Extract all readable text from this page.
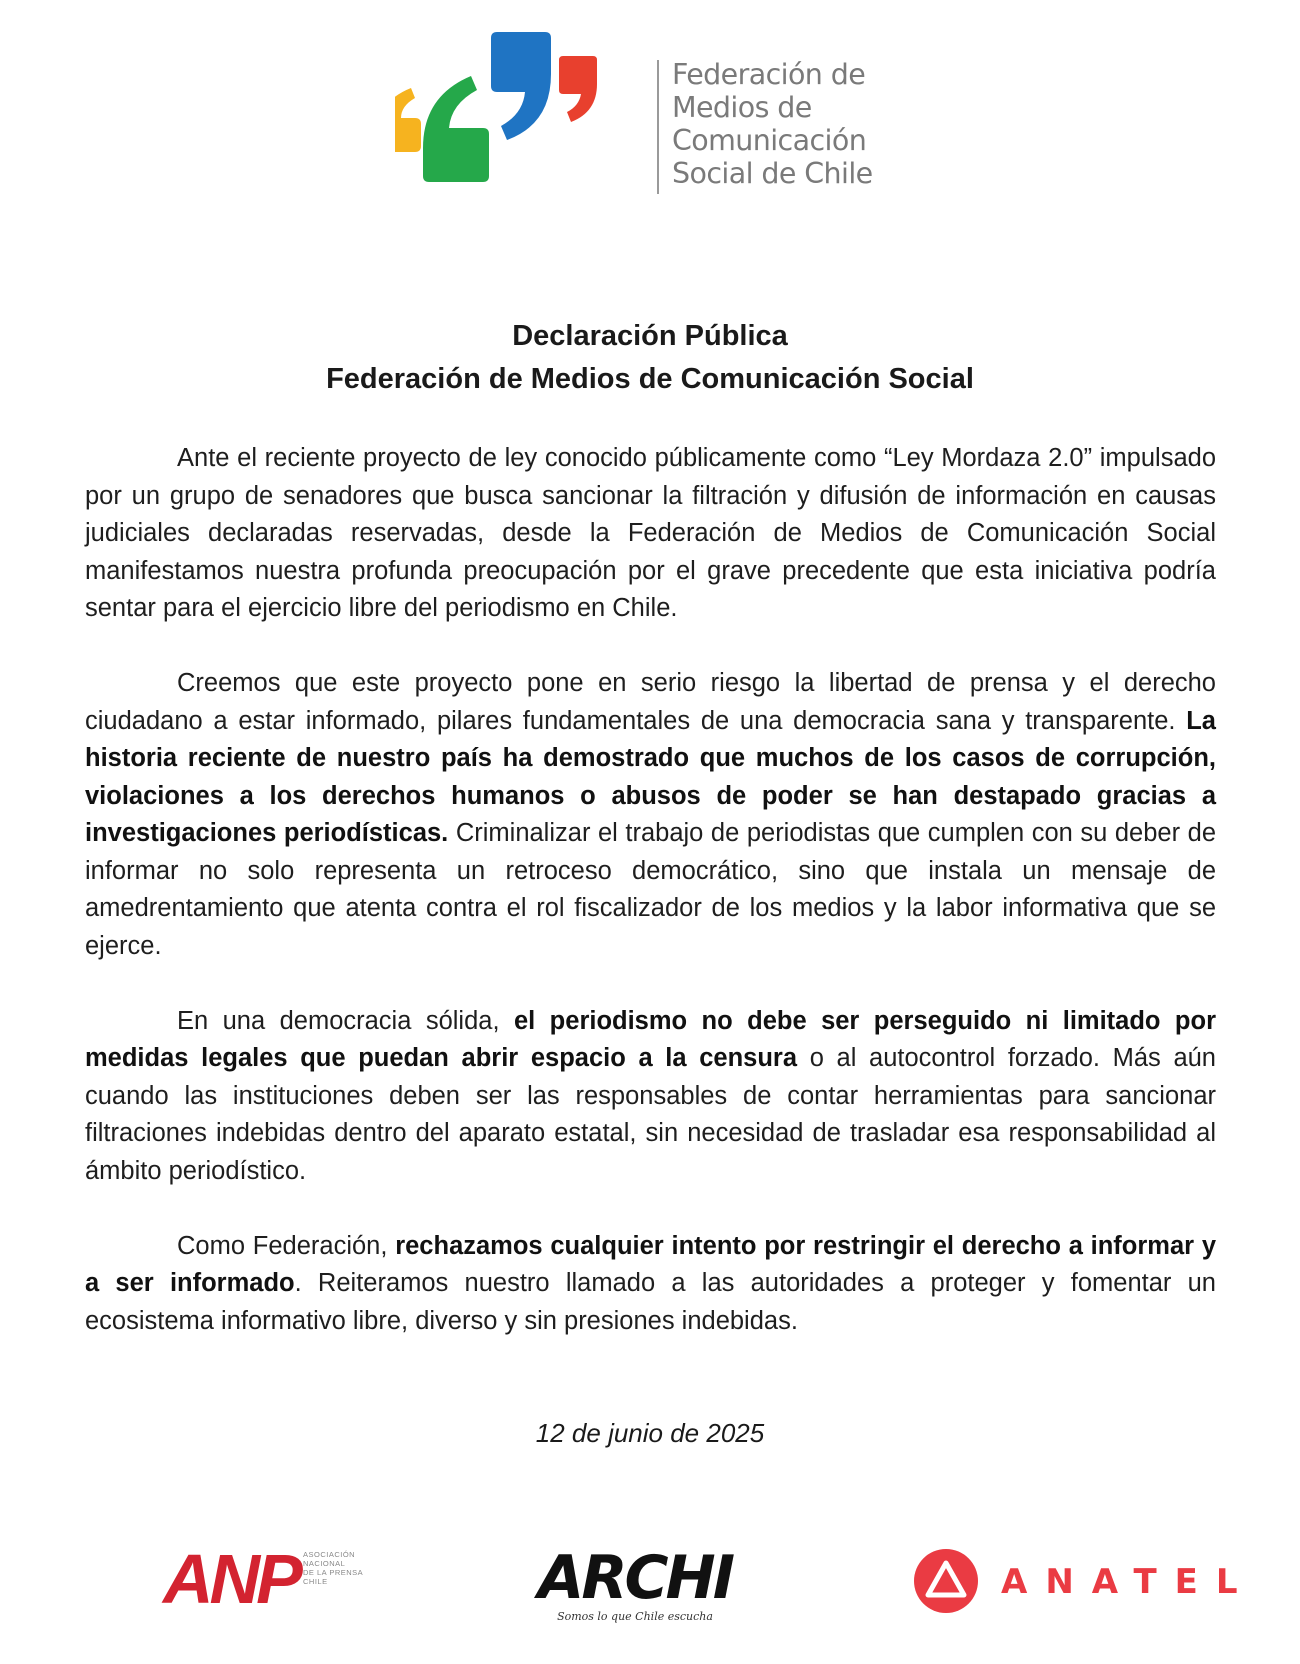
Federación de
Medios de
Comunicación
Social de Chile
Declaración Pública
Federación de Medios de Comunicación Social

Ante el reciente proyecto de ley conocido públicamente como “Ley Mordaza 2.0” impulsado por un grupo de senadores que busca sancionar la filtración y difusión de información en causas judiciales declaradas reservadas, desde la Federación de Medios de Comunicación Social manifestamos nuestra profunda preocupación por el grave precedente que esta iniciativa podría sentar para el ejercicio libre del periodismo en Chile.

Creemos que este proyecto pone en serio riesgo la libertad de prensa y el derecho ciudadano a estar informado, pilares fundamentales de una democracia sana y transparente. La historia reciente de nuestro país ha demostrado que muchos de los casos de corrupción, violaciones a los derechos humanos o abusos de poder se han destapado gracias a investigaciones periodísticas. Criminalizar el trabajo de periodistas que cumplen con su deber de informar no solo representa un retroceso democrático, sino que instala un mensaje de amedrentamiento que atenta contra el rol fiscalizador de los medios y la labor informativa que se ejerce.

En una democracia sólida, el periodismo no debe ser perseguido ni limitado por medidas legales que puedan abrir espacio a la censura o al autocontrol forzado. Más aún cuando las instituciones deben ser las responsables de contar herramientas para sancionar filtraciones indebidas dentro del aparato estatal, sin necesidad de trasladar esa responsabilidad al ámbito periodístico.

Como Federación, rechazamos cualquier intento por restringir el derecho a informar y a ser informado. Reiteramos nuestro llamado a las autoridades a proteger y fomentar un ecosistema informativo libre, diverso y sin presiones indebidas.

12 de junio de 2025
ANP ASOCIACIÓN
NACIONAL
DE LA PRENSA
CHILE	ARCHI
Somos lo que Chile escucha
ANATEL
